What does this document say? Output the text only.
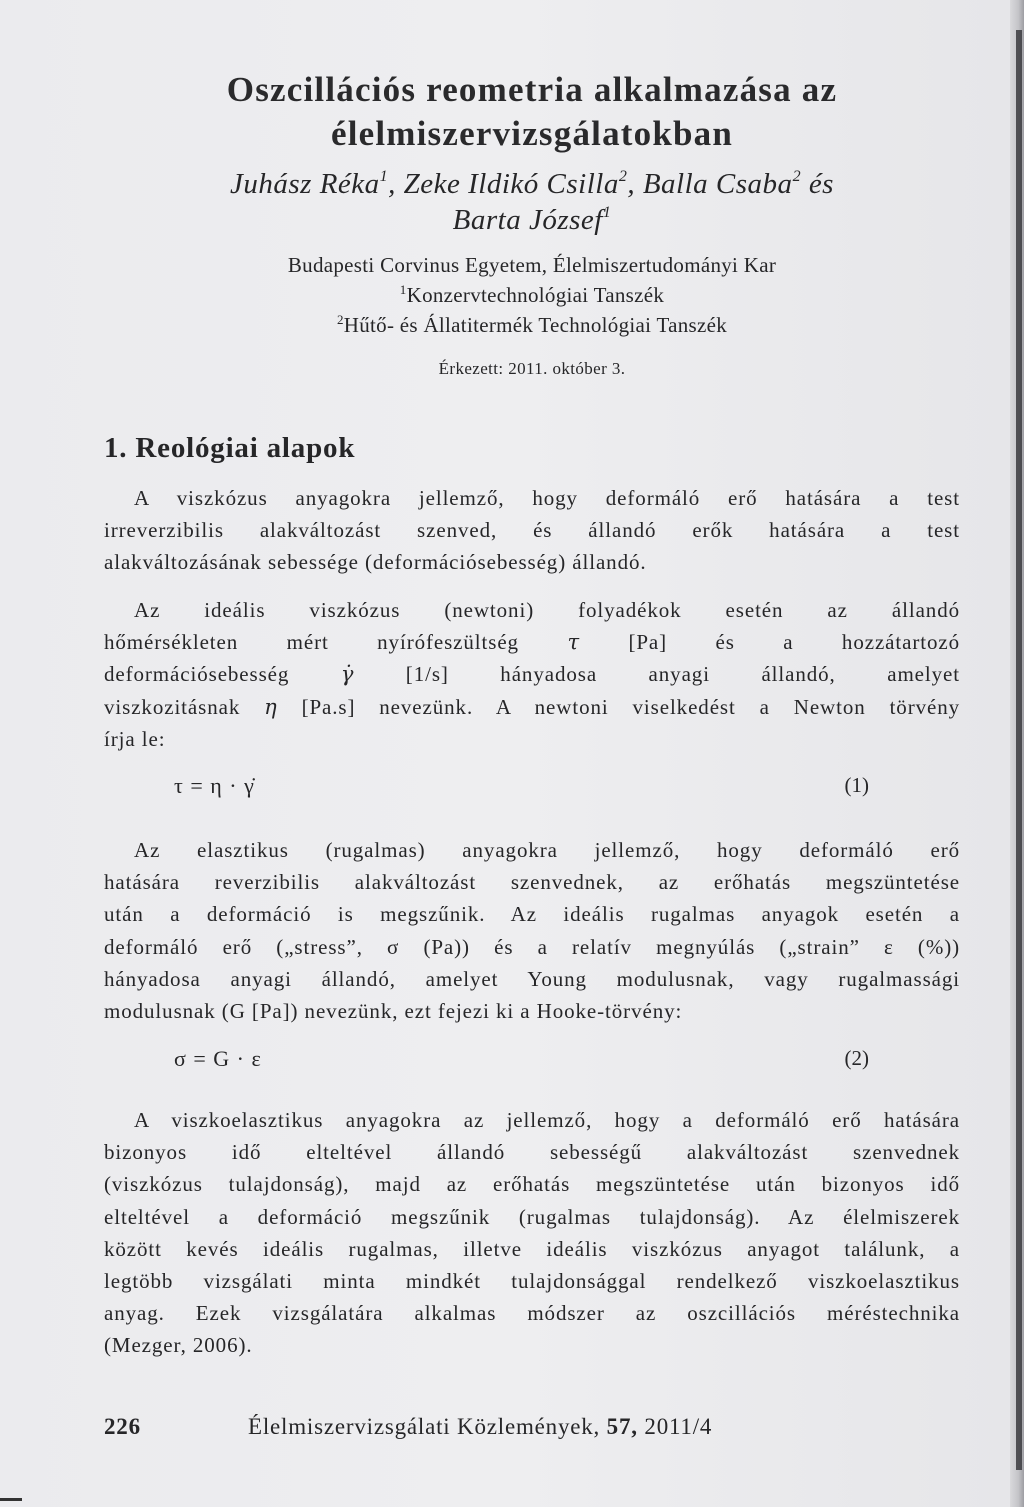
Oszcillációs reometria alkalmazása az
élelmiszervizsgálatokban
Juhász Réka$^1$, Zeke Ildikó Csilla$^2$, Balla Csaba$^2$ és
Barta József$^1$
Budapesti Corvinus Egyetem, Élelmiszertudományi Kar
$^1$Konzervtechnológiai Tanszék
$^2$Hűtő- és Állatitermék Technológiai Tanszék
Érkezett: 2011. október 3.
1. Reológiai alapok
A viszkózus anyagokra jellemző, hogy deformáló erő hatására a test
irreverzibilis alakváltozást szenved, és állandó erők hatására a test
alakváltozásának sebessége (deformációsebesség) állandó.
Az ideális viszkózus (newtoni) folyadékok esetén az állandó
hőmérsékleten mért nyírófeszültség τ [Pa] és a hozzátartozó
deformációsebesség γ̇ [1/s] hányadosa anyagi állandó, amelyet
viszkozitásnak η [Pa.s] nevezünk. A newtoni viselkedést a Newton törvény
írja le:
τ = η · γ̇	(1)
Az elasztikus (rugalmas) anyagokra jellemző, hogy deformáló erő
hatására reverzibilis alakváltozást szenvednek, az erőhatás megszüntetése
után a deformáció is megszűnik. Az ideális rugalmas anyagok esetén a
deformáló erő („stress”, σ (Pa)) és a relatív megnyúlás („strain” ε (%))
hányadosa anyagi állandó, amelyet Young modulusnak, vagy rugalmassági
modulusnak (G [Pa]) nevezünk, ezt fejezi ki a Hooke-törvény:
σ = G · ε	(2)
A viszkoelasztikus anyagokra az jellemző, hogy a deformáló erő hatására
bizonyos idő elteltével állandó sebességű alakváltozást szenvednek
(viszkózus tulajdonság), majd az erőhatás megszüntetése után bizonyos idő
elteltével a deformáció megszűnik (rugalmas tulajdonság). Az élelmiszerek
között kevés ideális rugalmas, illetve ideális viszkózus anyagot találunk, a
legtöbb vizsgálati minta mindkét tulajdonsággal rendelkező viszkoelasztikus
anyag. Ezek vizsgálatára alkalmas módszer az oszcillációs méréstechnika
(Mezger, 2006).
226	Élelmiszervizsgálati Közlemények, 57, 2011/4
